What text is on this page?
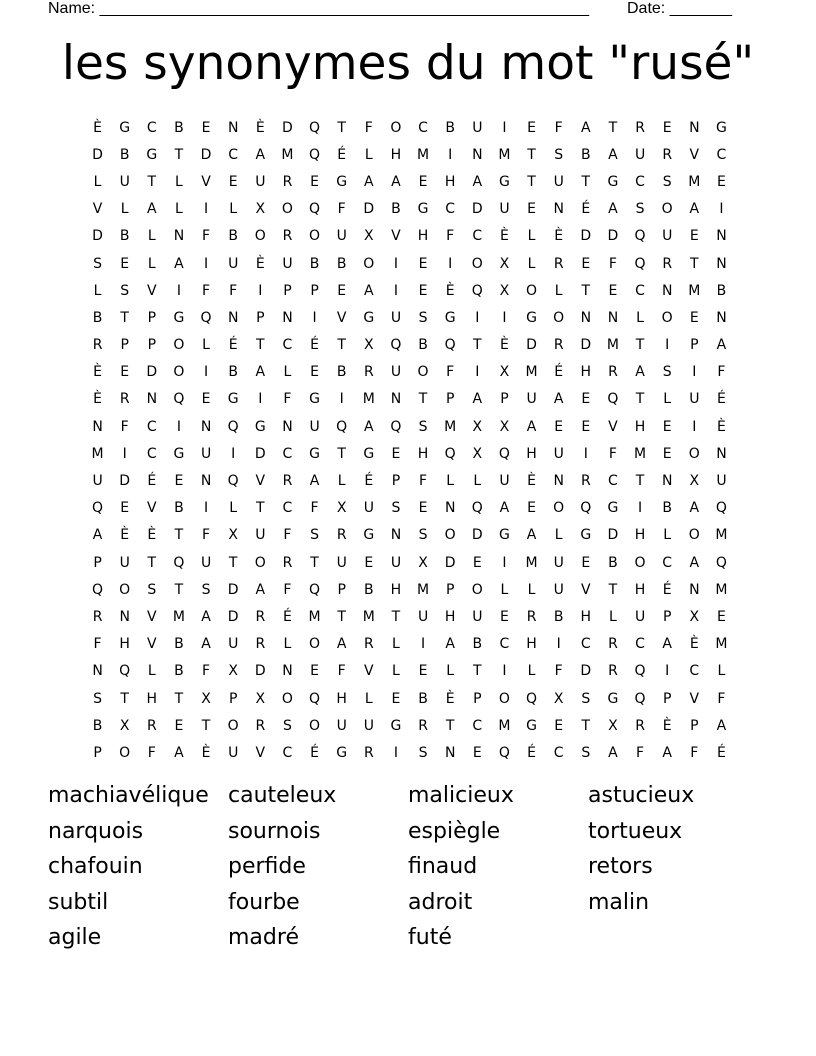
Name: _______________________________________________________ Date: _______
les synonymes du mot "rusé"
È	G	C	B	E	N	È	D	Q	T	F	O	C	B	U	I	E	F	A	T	R	E	N	G
D	B	G	T	D	C	A	M	Q	É	L	H	M	I	N	M	T	S	B	A	U	R	V	C
L	U	T	L	V	E	U	R	E	G	A	A	E	H	A	G	T	U	T	G	C	S	M	E
V	L	A	L	I	L	X	O	Q	F	D	B	G	C	D	U	E	N	É	A	S	O	A	I
D	B	L	N	F	B	O	R	O	U	X	V	H	F	C	È	L	È	D	D	Q	U	E	N
S	E	L	A	I	U	È	U	B	B	O	I	E	I	O	X	L	R	E	F	Q	R	T	N
L	S	V	I	F	F	I	P	P	E	A	I	E	È	Q	X	O	L	T	E	C	N	M	B
B	T	P	G	Q	N	P	N	I	V	G	U	S	G	I	I	G	O	N	N	L	O	E	N
R	P	P	O	L	É	T	C	É	T	X	Q	B	Q	T	È	D	R	D	M	T	I	P	A
È	E	D	O	I	B	A	L	E	B	R	U	O	F	I	X	M	É	H	R	A	S	I	F
È	R	N	Q	E	G	I	F	G	I	M	N	T	P	A	P	U	A	E	Q	T	L	U	É
N	F	C	I	N	Q	G	N	U	Q	A	Q	S	M	X	X	A	E	E	V	H	E	I	È
M	I	C	G	U	I	D	C	G	T	G	E	H	Q	X	Q	H	U	I	F	M	E	O	N
U	D	É	E	N	Q	V	R	A	L	É	P	F	L	L	U	È	N	R	C	T	N	X	U
Q	E	V	B	I	L	T	C	F	X	U	S	E	N	Q	A	E	O	Q	G	I	B	A	Q
A	È	È	T	F	X	U	F	S	R	G	N	S	O	D	G	A	L	G	D	H	L	O	M
P	U	T	Q	U	T	O	R	T	U	E	U	X	D	E	I	M	U	E	B	O	C	A	Q
Q	O	S	T	S	D	A	F	Q	P	B	H	M	P	O	L	L	U	V	T	H	É	N	M
R	N	V	M	A	D	R	É	M	T	M	T	U	H	U	E	R	B	H	L	U	P	X	E
F	H	V	B	A	U	R	L	O	A	R	L	I	A	B	C	H	I	C	R	C	A	È	M
N	Q	L	B	F	X	D	N	E	F	V	L	E	L	T	I	L	F	D	R	Q	I	C	L
S	T	H	T	X	P	X	O	Q	H	L	E	B	È	P	O	Q	X	S	G	Q	P	V	F
B	X	R	E	T	O	R	S	O	U	U	G	R	T	C	M	G	E	T	X	R	È	P	A
P	O	F	A	È	U	V	C	É	G	R	I	S	N	E	Q	É	C	S	A	F	A	F	É
machiavélique cauteleux	malicieux	astucieux
narquois	sournois	espiègle	tortueux
chafouin	perfide	finaud	retors
subtil	fourbe	adroit	malin
agile	madré	futé
